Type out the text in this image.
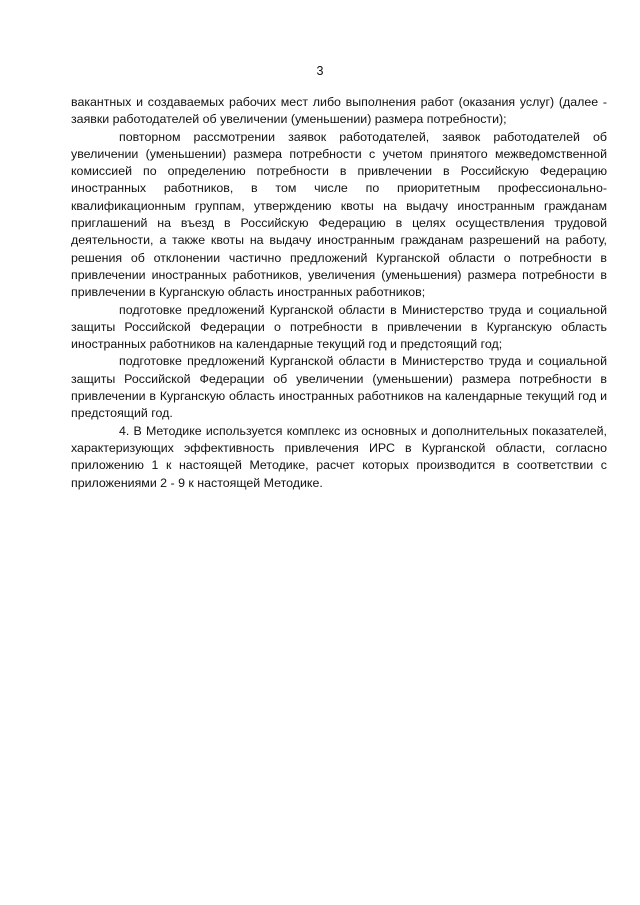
3

вакантных и создаваемых рабочих мест либо выполнения работ (оказания услуг) (далее - заявки работодателей об увеличении (уменьшении) размера потребности);

повторном рассмотрении заявок работодателей, заявок работодателей об увеличении (уменьшении) размера потребности с учетом принятого межведомственной комиссией по определению потребности в привлечении в Российскую Федерацию иностранных работников, в том числе по приоритетным профессионально-квалификационным группам, утверждению квоты на выдачу иностранным гражданам приглашений на въезд в Российскую Федерацию в целях осуществления трудовой деятельности, а также квоты на выдачу иностранным гражданам разрешений на работу, решения об отклонении частично предложений Курганской области о потребности в привлечении иностранных работников, увеличения (уменьшения) размера потребности в привлечении в Курганскую область иностранных работников;

подготовке предложений Курганской области в Министерство труда и социальной защиты Российской Федерации о потребности в привлечении в Курганскую область иностранных работников на календарные текущий год и предстоящий год;

подготовке предложений Курганской области в Министерство труда и социальной защиты Российской Федерации об увеличении (уменьшении) размера потребности в привлечении в Курганскую область иностранных работников на календарные текущий год и предстоящий год.

4. В Методике используется комплекс из основных и дополнительных показателей, характеризующих эффективность привлечения ИРС в Курганской области, согласно приложению 1 к настоящей Методике, расчет которых производится в соответствии с приложениями 2 - 9 к настоящей Методике.
